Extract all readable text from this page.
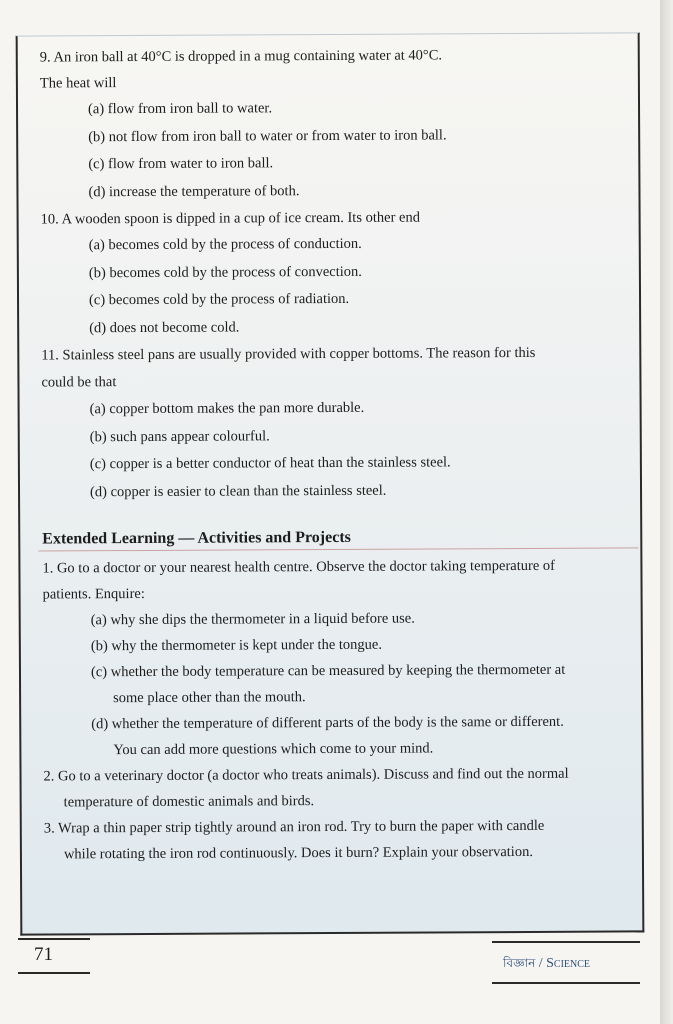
9. An iron ball at 40°C is dropped in a mug containing water at 40°C.

The heat will

(a) flow from iron ball to water.

(b) not flow from iron ball to water or from water to iron ball.

(c) flow from water to iron ball.

(d) increase the temperature of both.

10. A wooden spoon is dipped in a cup of ice cream. Its other end

(a) becomes cold by the process of conduction.

(b) becomes cold by the process of convection.

(c) becomes cold by the process of radiation.

(d) does not become cold.

11. Stainless steel pans are usually provided with copper bottoms. The reason for this

could be that

(a) copper bottom makes the pan more durable.

(b) such pans appear colourful.

(c) copper is a better conductor of heat than the stainless steel.

(d) copper is easier to clean than the stainless steel.

Extended Learning — Activities and Projects

1. Go to a doctor or your nearest health centre. Observe the doctor taking temperature of

patients. Enquire:

(a) why she dips the thermometer in a liquid before use.

(b) why the thermometer is kept under the tongue.

(c) whether the body temperature can be measured by keeping the thermometer at

some place other than the mouth.

(d) whether the temperature of different parts of the body is the same or different.

You can add more questions which come to your mind.

2. Go to a veterinary doctor (a doctor who treats animals). Discuss and find out the normal

temperature of domestic animals and birds.

3. Wrap a thin paper strip tightly around an iron rod. Try to burn the paper with candle

while rotating the iron rod continuously. Does it burn? Explain your observation.

71	বিজ্ঞান / Science
